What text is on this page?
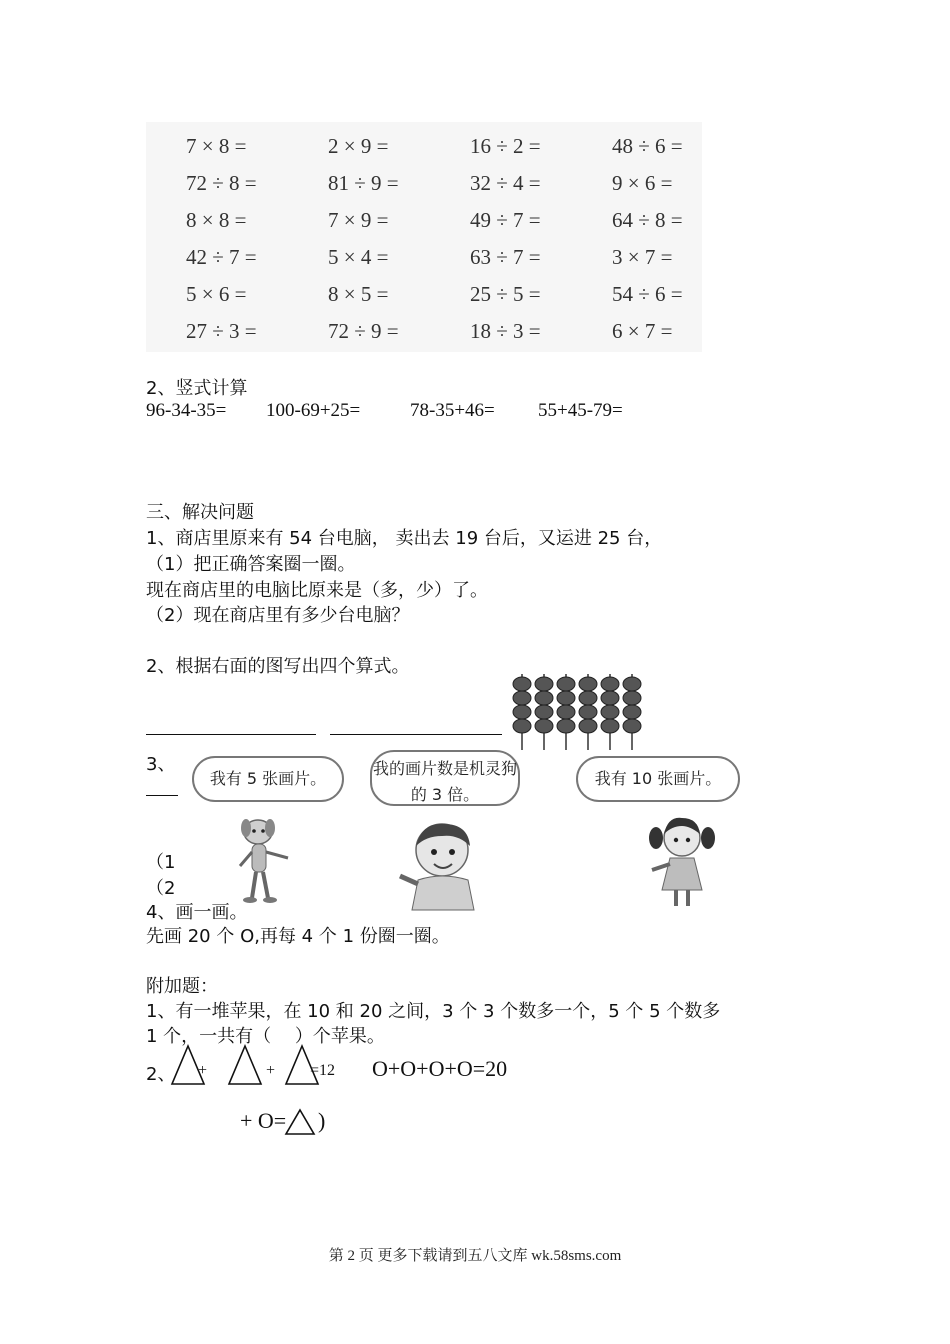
7 × 8 =	2 × 9 =	16 ÷ 2 =	48 ÷ 6 =
72 ÷ 8 =	81 ÷ 9 =	32 ÷ 4 =	9 × 6 =
8 × 8 =	7 × 9 =	49 ÷ 7 =	64 ÷ 8 =
42 ÷ 7 =	5 × 4 =	63 ÷ 7 =	3 × 7 =
5 × 6 =	8 × 5 =	25 ÷ 5 =	54 ÷ 6 =
27 ÷ 3 =	72 ÷ 9 =	18 ÷ 3 =	6 × 7 =
2、竖式计算
96-34-35= 100-69+25=	78-35+46= 55+45-79=
三、解决问题
1、商店里原来有 54 台电脑， 卖出去 19 台后，又运进 25 台，
（1）把正确答案圈一圈。
现在商店里的电脑比原来是（多，少）了。
（2）现在商店里有多少台电脑？
2、根据右面的图写出四个算式。
3、
（1
（2
我有 5 张画片。
我的画片数是机灵狗的 3 倍。
我有 10 张画片。
4、画一画。
先画 20 个 O,再每 4 个 1 份圈一圈。
附加题：
1、有一堆苹果，在 10 和 20 之间，3 个 3 个数多一个，5 个 5 个数多
1 个，一共有（　 ）个苹果。
2、 +	+ =12 O+O+O+O=20
+ O= )
第 2 页 更多下载请到五八文库 wk.58sms.com
